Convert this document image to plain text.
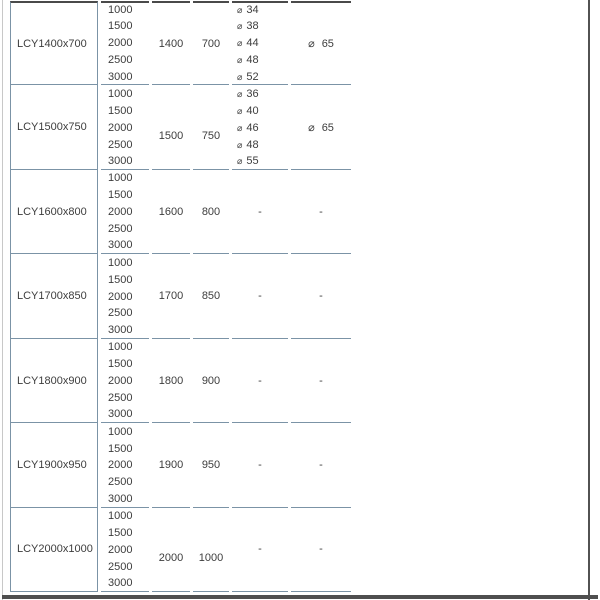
LCY1400x700	1000	1400	700	⌀ 34	⌀ 65
	1500			⌀ 38	
	2000			⌀ 44	
	2500			⌀ 48	
	3000			⌀ 52	
LCY1500x750	1000	1500	750	⌀ 36	⌀ 65
	1500			⌀ 40	
	2000			⌀ 46	
	2500			⌀ 48	
	3000			⌀ 55	
LCY1600x800	1000	1600	800	-	-
	1500				
	2000				
	2500				
	3000				
LCY1700x850	1000	1700	850	-	-
	1500				
	2000				
	2500				
	3000				
LCY1800x900	1000	1800	900	-	-
	1500				
	2000				
	2500				
	3000				
LCY1900x950	1000	1900	950	-	-
	1500				
	2000				
	2500				
	3000				
LCY2000x1000	1000	2000	1000	-	-
	1500				
	2000				
	2500				
	3000				
